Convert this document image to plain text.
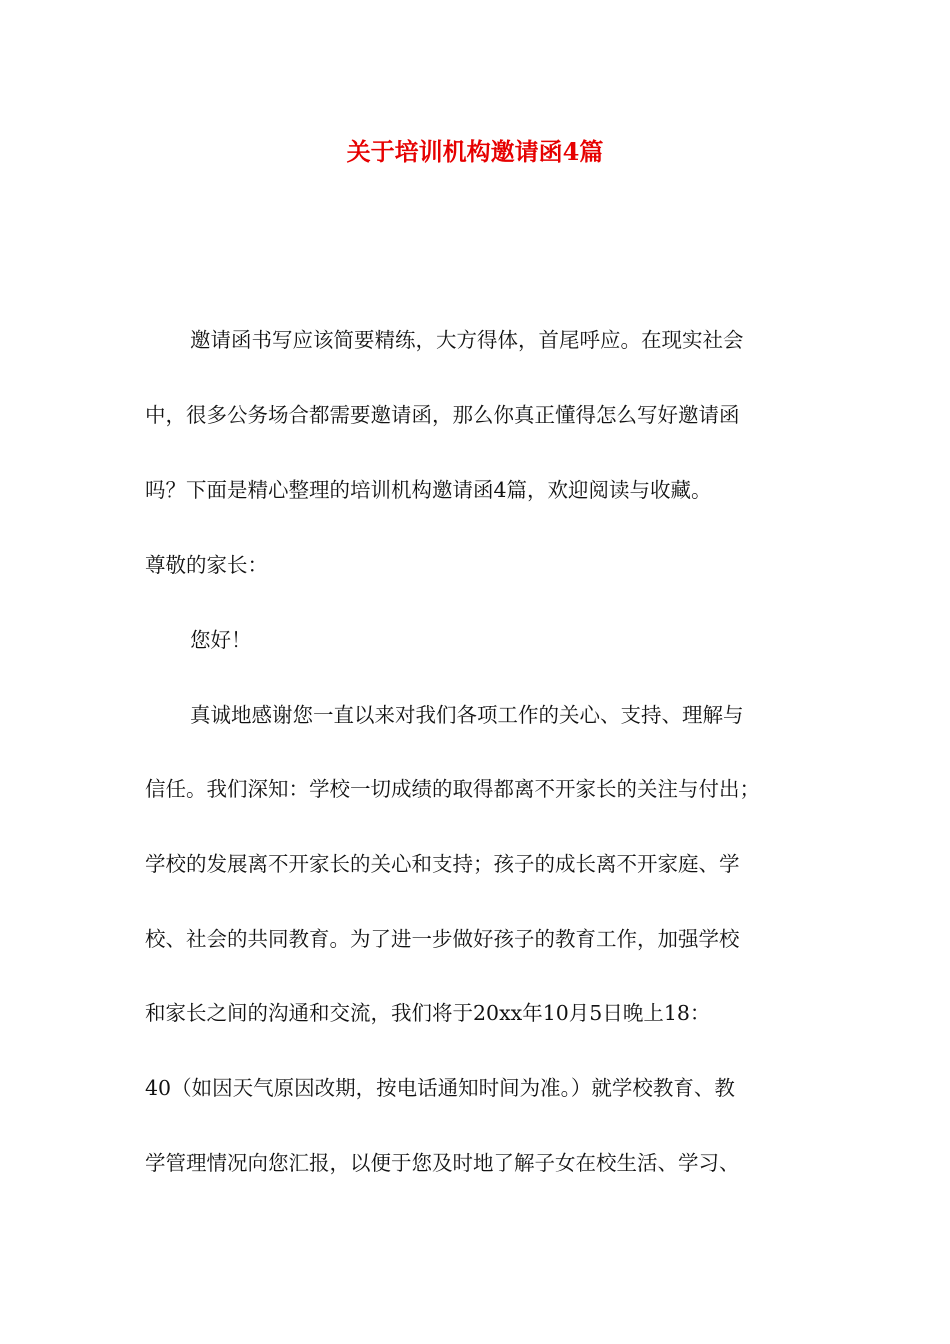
关于培训机构邀请函4篇

邀请函书写应该简要精练，大方得体，首尾呼应。在现实社会

中，很多公务场合都需要邀请函，那么你真正懂得怎么写好邀请函

吗？下面是精心整理的培训机构邀请函4篇，欢迎阅读与收藏。

尊敬的家长：

您好！

真诚地感谢您一直以来对我们各项工作的关心、支持、理解与

信任。我们深知：学校一切成绩的取得都离不开家长的关注与付出；

学校的发展离不开家长的关心和支持；孩子的成长离不开家庭、学

校、社会的共同教育。为了进一步做好孩子的教育工作，加强学校

和家长之间的沟通和交流，我们将于20xx年10月5日晚上18：

40（如因天气原因改期，按电话通知时间为准。）就学校教育、教

学管理情况向您汇报，以便于您及时地了解子女在校生活、学习、
